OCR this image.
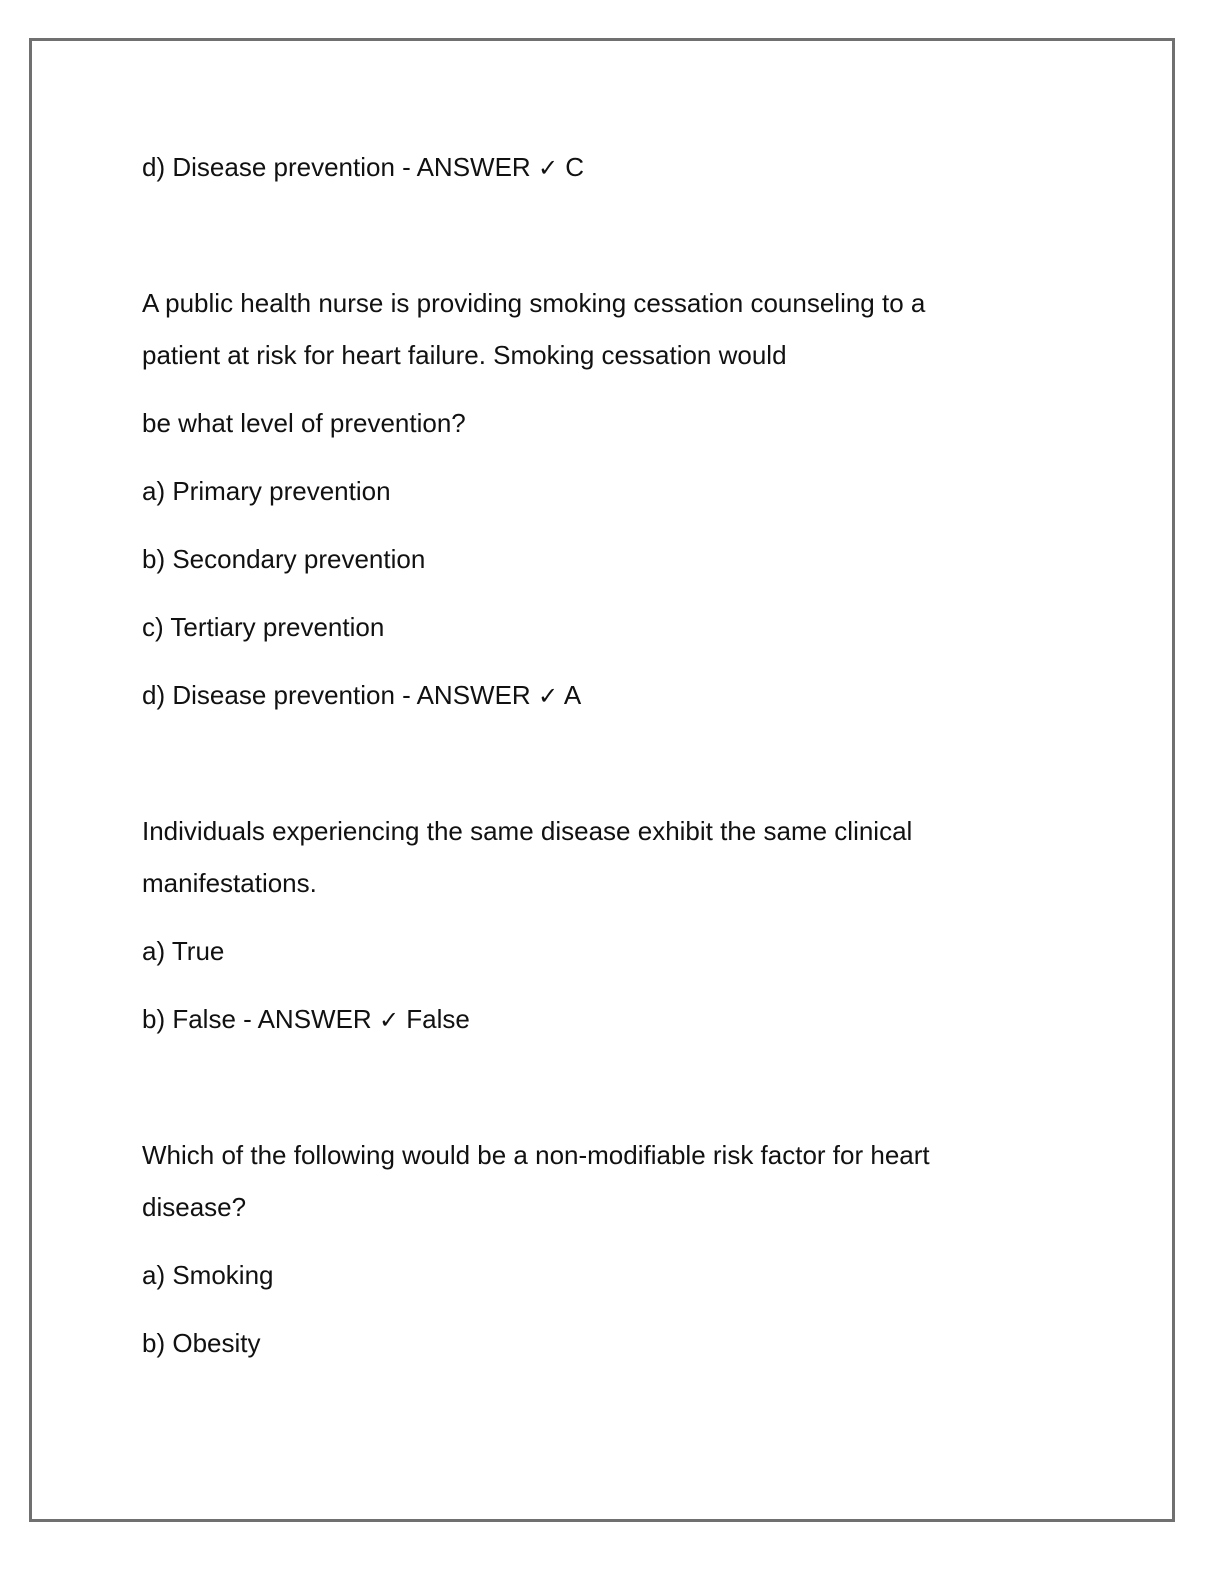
d) Disease prevention - ANSWER ✓ C
A public health nurse is providing smoking cessation counseling to a
patient at risk for heart failure. Smoking cessation would
be what level of prevention?
a) Primary prevention
b) Secondary prevention
c) Tertiary prevention
d) Disease prevention - ANSWER ✓ A
Individuals experiencing the same disease exhibit the same clinical
manifestations.
a) True
b) False - ANSWER ✓ False
Which of the following would be a non-modifiable risk factor for heart
disease?
a) Smoking
b) Obesity
